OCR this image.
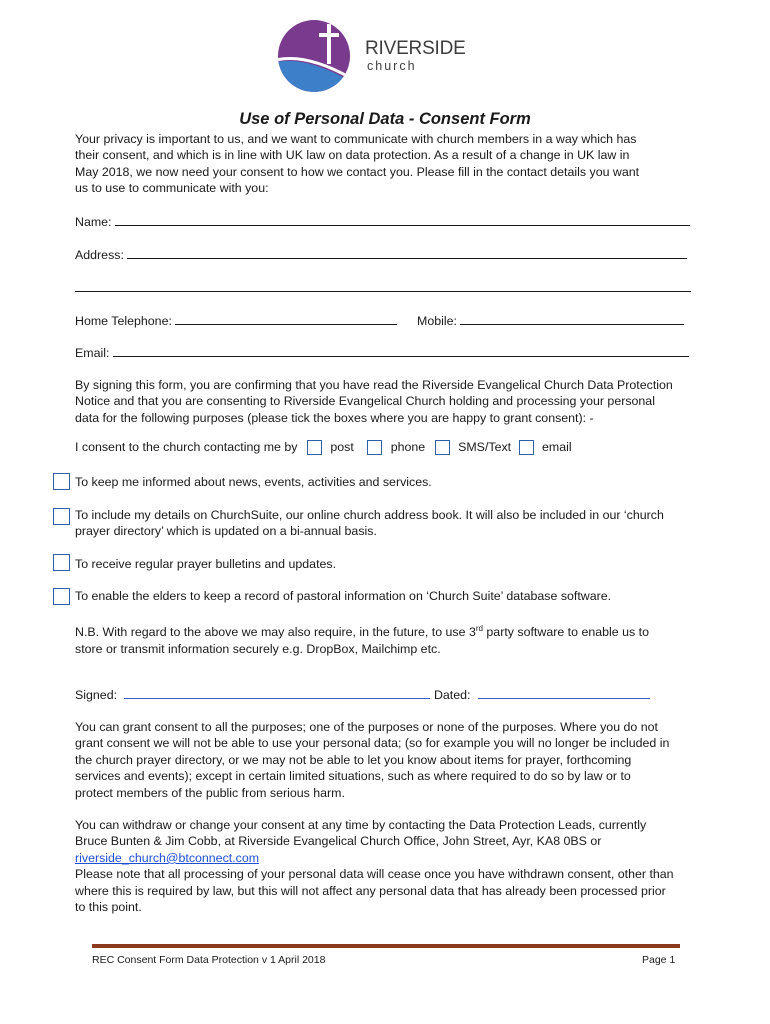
RIVERSIDE
church
Use of Personal Data - Consent Form
Your privacy is important to us, and we want to communicate with church members in a way which has
their consent, and which is in line with UK law on data protection. As a result of a change in UK law in
May 2018, we now need your consent to how we contact you. Please fill in the contact details you want
us to use to communicate with you:
Name:
Address:
Home Telephone:	Mobile:
Email:
By signing this form, you are confirming that you have read the Riverside Evangelical Church Data Protection
Notice and that you are consenting to Riverside Evangelical Church holding and processing your personal
data for the following purposes (please tick the boxes where you are happy to grant consent): -
I consent to the church contacting me by	post	phone	SMS/Text email
To keep me informed about news, events, activities and services.
To include my details on ChurchSuite, our online church address book. It will also be included in our ‘church
prayer directory’ which is updated on a bi-annual basis.
To receive regular prayer bulletins and updates.
To enable the elders to keep a record of pastoral information on ‘Church Suite’ database software.
N.B. With regard to the above we may also require, in the future, to use 3rd party software to enable us to
store or transmit information securely e.g. DropBox, Mailchimp etc.
Signed:	Dated:
You can grant consent to all the purposes; one of the purposes or none of the purposes. Where you do not
grant consent we will not be able to use your personal data; (so for example you will no longer be included in
the church prayer directory, or we may not be able to let you know about items for prayer, forthcoming
services and events); except in certain limited situations, such as where required to do so by law or to
protect members of the public from serious harm.
You can withdraw or change your consent at any time by contacting the Data Protection Leads, currently
Bruce Bunten & Jim Cobb, at Riverside Evangelical Church Office, John Street, Ayr, KA8 0BS or
riverside_church@btconnect.com
Please note that all processing of your personal data will cease once you have withdrawn consent, other than
where this is required by law, but this will not affect any personal data that has already been processed prior
to this point.
REC Consent Form Data Protection v 1 April 2018	Page 1
